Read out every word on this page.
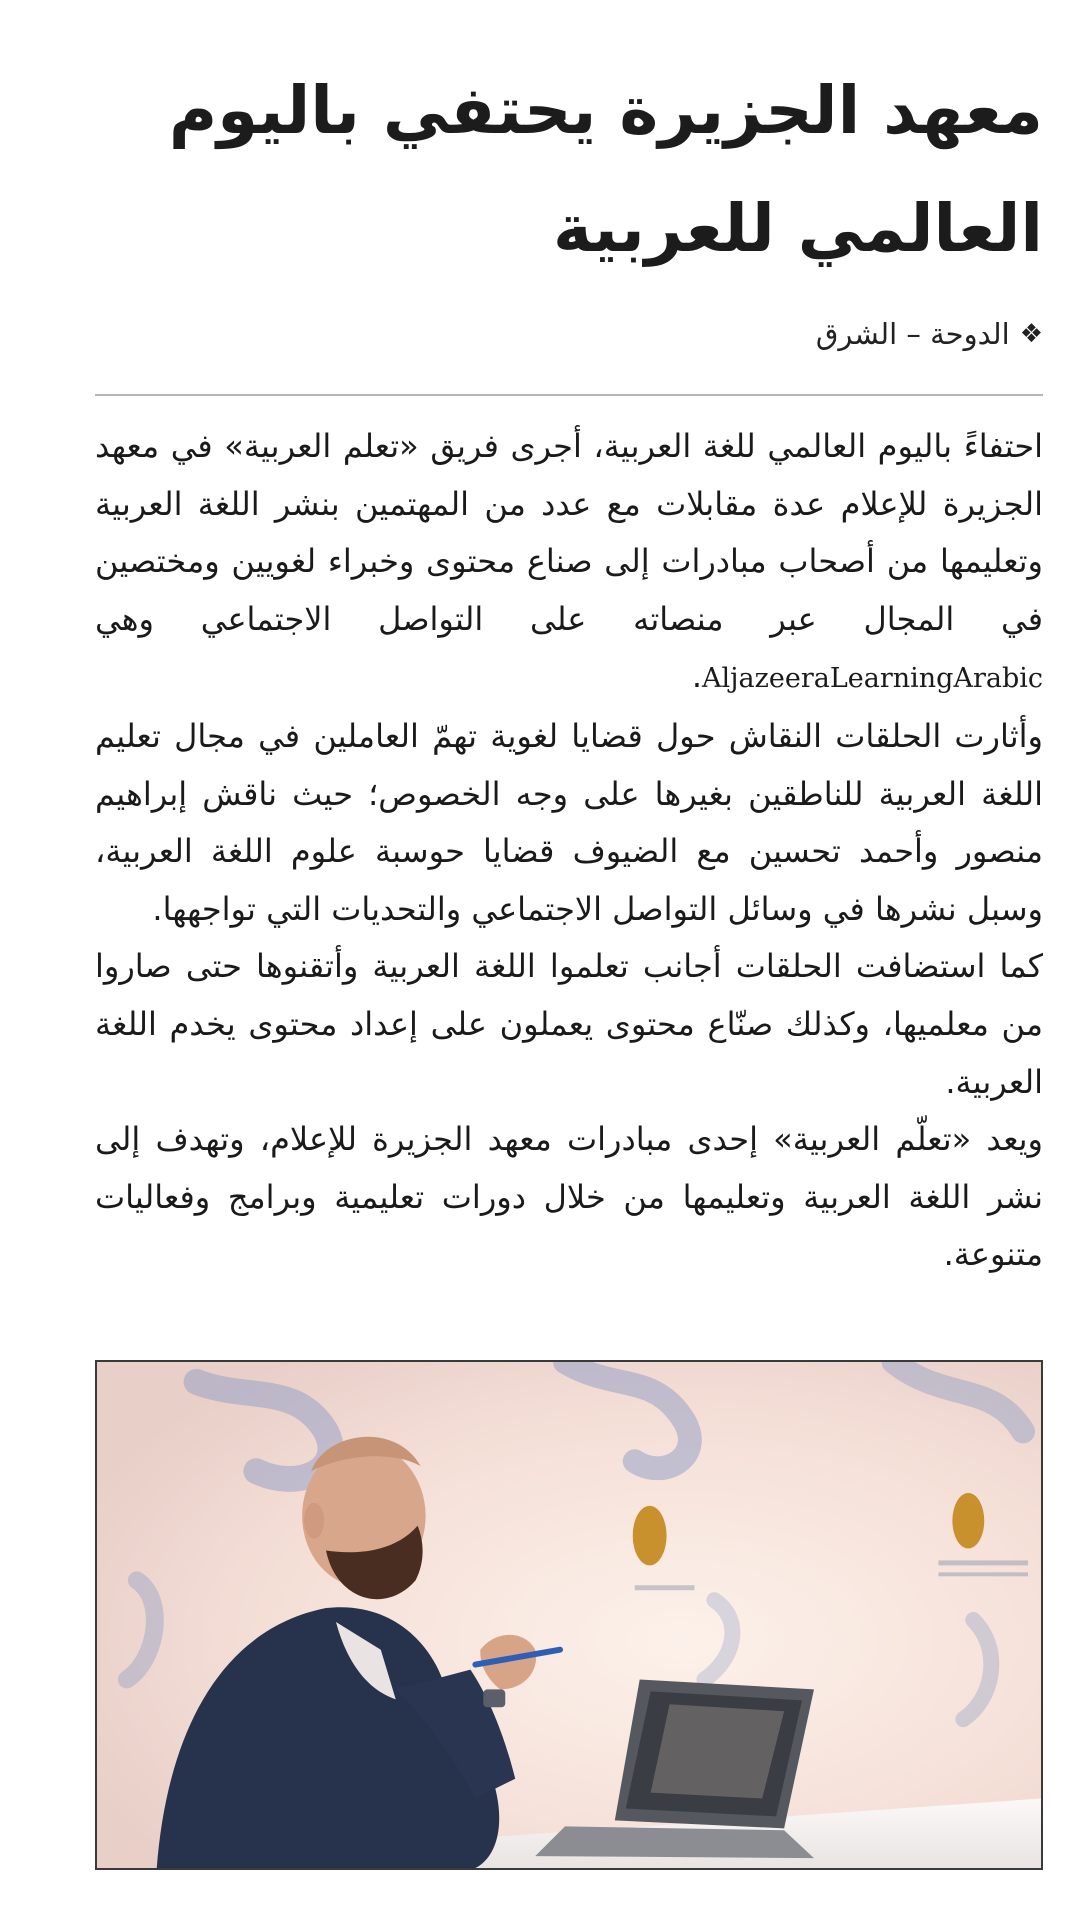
معهد الجزيرة يحتفي باليوم
العالمي للعربية
❖
الدوحة – الشرق

احتفاءً باليوم العالمي للغة العربية، أجرى فريق «تعلم العربية» في معهد الجزيرة للإعلام عدة مقابلات مع عدد من المهتمين بنشر اللغة العربية وتعليمها من أصحاب مبادرات إلى صناع محتوى وخبراء لغويين ومختصين في المجال عبر منصاته على التواصل الاجتماعي وهي AljazeeraLearningArabic.

وأثارت الحلقات النقاش حول قضايا لغوية تهمّ العاملين في مجال تعليم اللغة العربية للناطقين بغيرها على وجه الخصوص؛ حيث ناقش إبراهيم منصور وأحمد تحسين مع الضيوف قضايا حوسبة علوم اللغة العربية، وسبل نشرها في وسائل التواصل الاجتماعي والتحديات التي تواجهها.

كما استضافت الحلقات أجانب تعلموا اللغة العربية وأتقنوها حتى صاروا من معلميها، وكذلك صنّاع محتوى يعملون على إعداد محتوى يخدم اللغة العربية.

ويعد «تعلّم العربية» إحدى مبادرات معهد الجزيرة للإعلام، وتهدف إلى نشر اللغة العربية وتعليمها من خلال دورات تعليمية وبرامج وفعاليات متنوعة.
